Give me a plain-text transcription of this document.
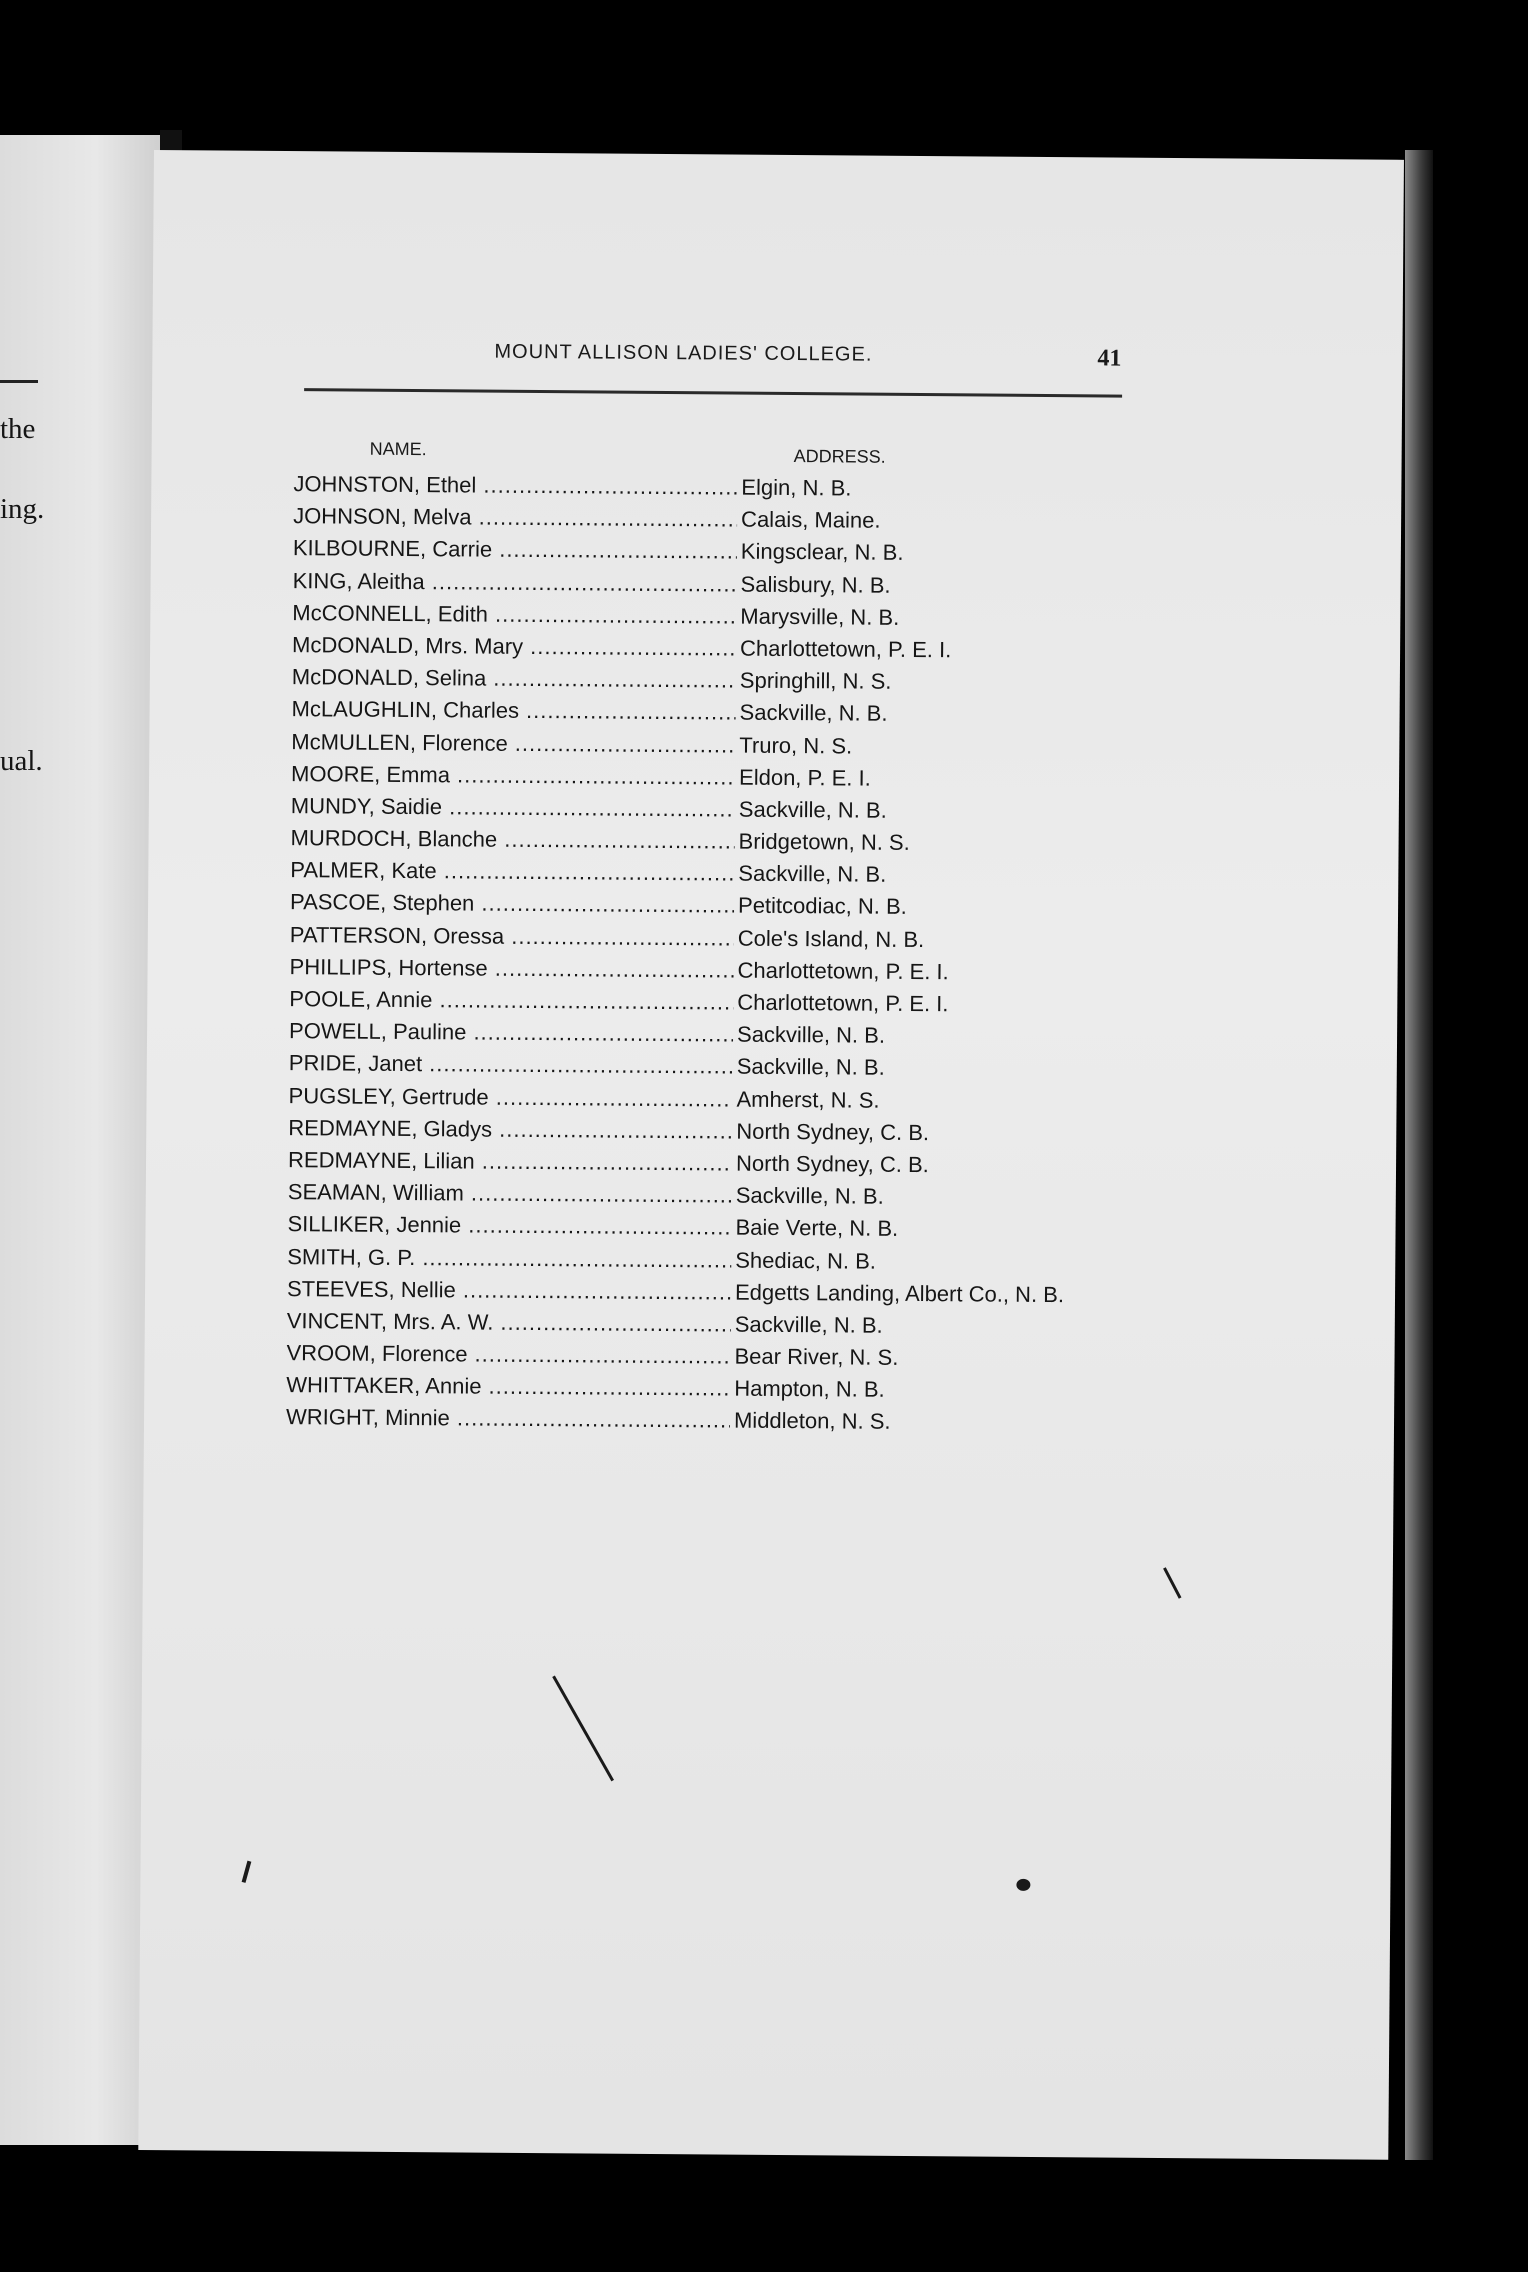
the
ing.
ual.
MOUNT ALLISON LADIES' COLLEGE.	41
NAME.	ADDRESS.
JOHNSTON, Ethel .....	Elgin, N. B.
JOHNSON, Melva .....	Calais, Maine.
KILBOURNE, Carrie .....	Kingsclear, N. B.
KING, Aleitha .....	Salisbury, N. B.
McCONNELL, Edith .....	Marysville, N. B.
McDONALD, Mrs. Mary .....	Charlottetown, P. E. I.
McDONALD, Selina .....	Springhill, N. S.
McLAUGHLIN, Charles .....	Sackville, N. B.
McMULLEN, Florence .....	Truro, N. S.
MOORE, Emma .....	Eldon, P. E. I.
MUNDY, Saidie .....	Sackville, N. B.
MURDOCH, Blanche .....	Bridgetown, N. S.
PALMER, Kate .....	Sackville, N. B.
PASCOE, Stephen .....	Petitcodiac, N. B.
PATTERSON, Oressa .....	Cole's Island, N. B.
PHILLIPS, Hortense .....	Charlottetown, P. E. I.
POOLE, Annie .....	Charlottetown, P. E. I.
POWELL, Pauline .....	Sackville, N. B.
PRIDE, Janet .....	Sackville, N. B.
PUGSLEY, Gertrude .....	Amherst, N. S.
REDMAYNE, Gladys .....	North Sydney, C. B.
REDMAYNE, Lilian .....	North Sydney, C. B.
SEAMAN, William .....	Sackville, N. B.
SILLIKER, Jennie .....	Baie Verte, N. B.
SMITH, G. P. .....	Shediac, N. B.
STEEVES, Nellie .....	Edgetts Landing, Albert Co., N. B.
VINCENT, Mrs. A. W. .....	Sackville, N. B.
VROOM, Florence .....	Bear River, N. S.
WHITTAKER, Annie .....	Hampton, N. B.
WRIGHT, Minnie .....	Middleton, N. S.
